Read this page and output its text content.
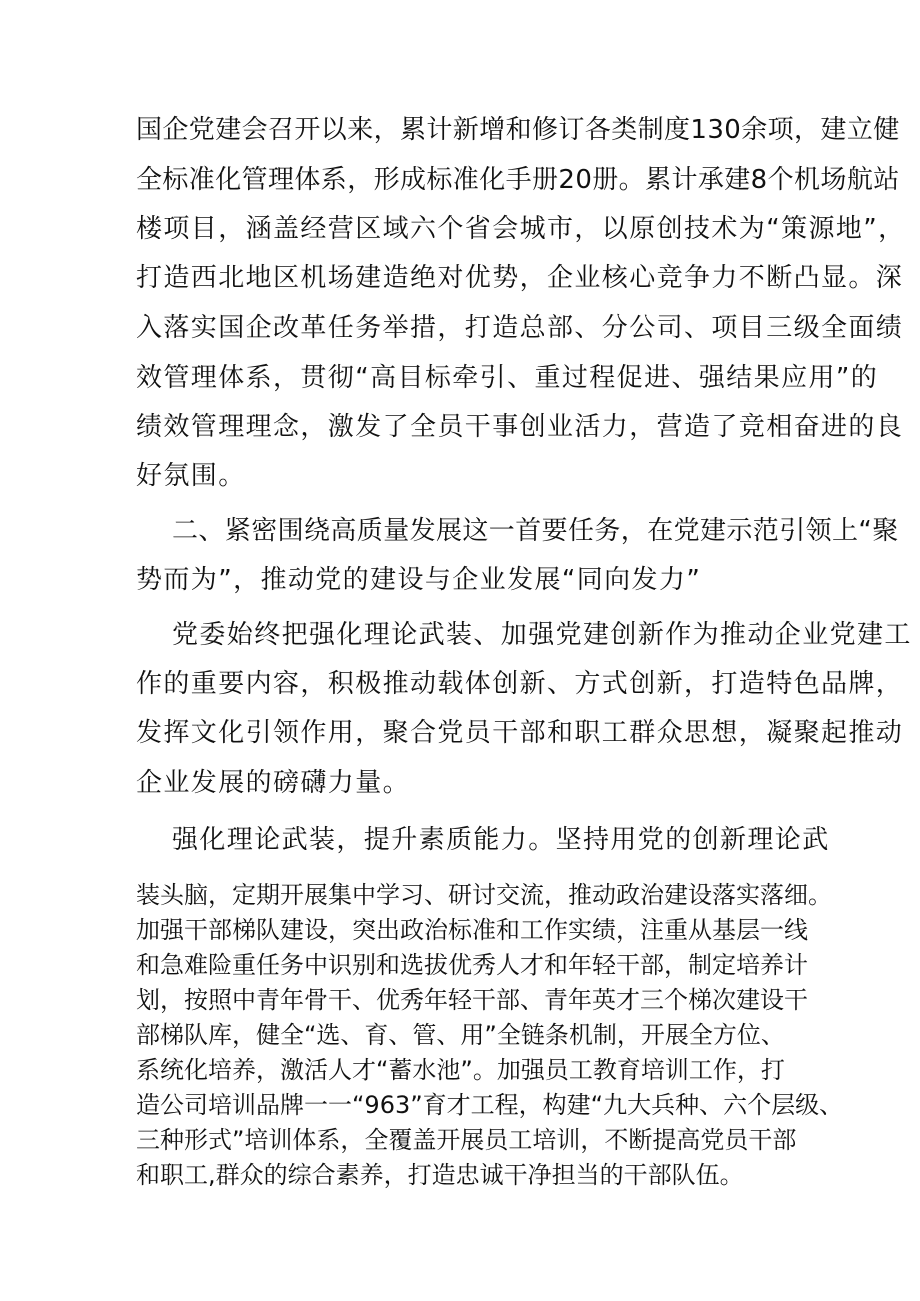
国企党建会召开以来，累计新增和修订各类制度130余项，建立健
全标准化管理体系，形成标准化手册20册。累计承建8个机场航站
楼项目，涵盖经营区域六个省会城市，以原创技术为“策源地”，
打造西北地区机场建造绝对优势，企业核心竞争力不断凸显。深
入落实国企改革任务举措，打造总部、分公司、项目三级全面绩
效管理体系，贯彻“高目标牵引、重过程促进、强结果应用”的
绩效管理理念，激发了全员干事创业活力，营造了竞相奋进的良
好氛围。
二、紧密围绕高质量发展这一首要任务，在党建示范引领上“聚
势而为”，推动党的建设与企业发展“同向发力”
党委始终把强化理论武装、加强党建创新作为推动企业党建工
作的重要内容，积极推动载体创新、方式创新，打造特色品牌，
发挥文化引领作用，聚合党员干部和职工群众思想，凝聚起推动
企业发展的磅礴力量。
强化理论武装，提升素质能力。坚持用党的创新理论武
装头脑，定期开展集中学习、研讨交流，推动政治建设落实落细。
加强干部梯队建设，突出政治标准和工作实绩，注重从基层一线
和急难险重任务中识别和选拔优秀人才和年轻干部，制定培养计
划，按照中青年骨干、优秀年轻干部、青年英才三个梯次建设干
部梯队库，健全“选、育、管、用”全链条机制，开展全方位、
系统化培养，激活人才“蓄水池”。加强员工教育培训工作，打
造公司培训品牌一一“963”育才工程，构建“九大兵种、六个层级、
三种形式”培训体系，全覆盖开展员工培训，不断提高党员干部
和职工,群众的综合素养，打造忠诚干净担当的干部队伍。
